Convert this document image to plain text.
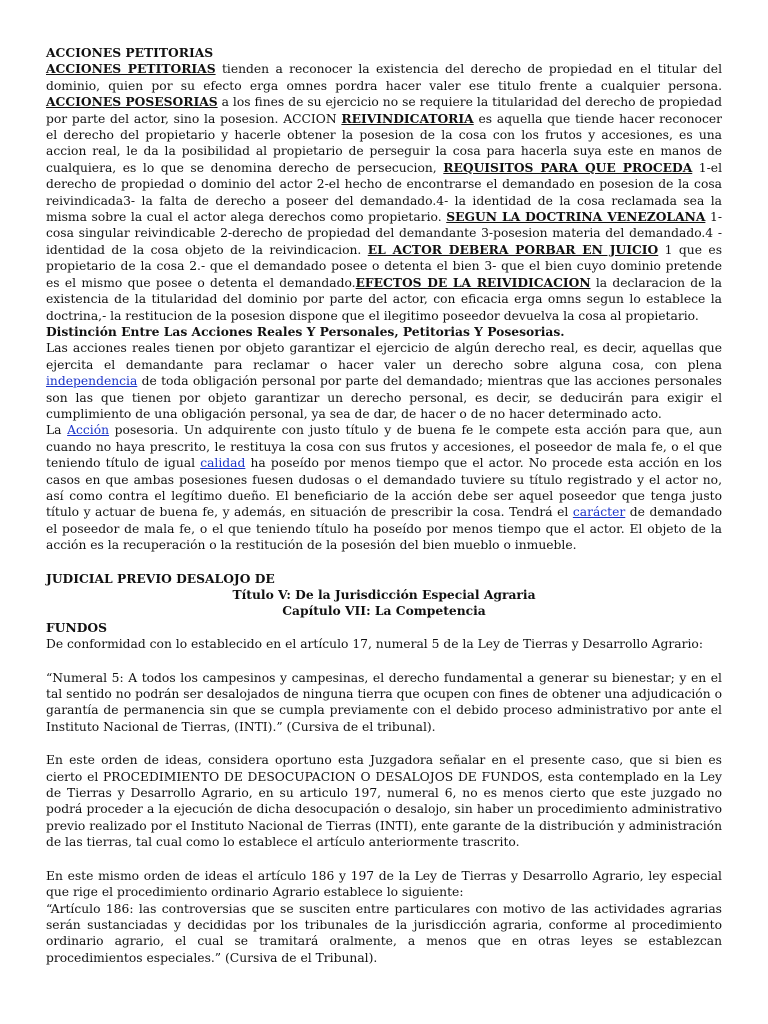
ACCIONES PETITORIAS

ACCIONES PETITORIAS tienden a reconocer la existencia del derecho de propiedad en el titular del dominio, quien por su efecto erga omnes pordra hacer valer ese titulo frente a cualquier persona. ACCIONES POSESORIAS a los fines de su ejercicio no se requiere la titularidad del derecho de propiedad por parte del actor, sino la posesion. ACCION REIVINDICATORIA es aquella que tiende hacer reconocer el derecho del propietario y hacerle obtener la posesion de la cosa con los frutos y accesiones, es una accion real, le da la posibilidad al propietario de perseguir la cosa para hacerla suya este en manos de cualquiera, es lo que se denomina derecho de persecucion, REQUISITOS PARA QUE PROCEDA 1-el derecho de propiedad o dominio del actor 2-el hecho de encontrarse el demandado en posesion de la cosa reivindicada3- la falta de derecho a poseer del demandado.4- la identidad de la cosa reclamada sea la misma sobre la cual el actor alega derechos como propietario. SEGUN LA DOCTRINA VENEZOLANA 1-cosa singular reivindicable 2-derecho de propiedad del demandante 3-posesion materia del demandado.4 - identidad de la cosa objeto de la reivindicacion. EL ACTOR DEBERA PORBAR EN JUICIO 1 que es propietario de la cosa 2.- que el demandado posee o detenta el bien 3- que el bien cuyo dominio pretende es el mismo que posee o detenta el demandado.EFECTOS DE LA REIVIDICACION la declaracion de la existencia de la titularidad del dominio por parte del actor, con eficacia erga omns segun lo establece la doctrina,- la restitucion de la posesion dispone que el ilegitimo poseedor devuelva la cosa al propietario.

Distinción Entre Las Acciones Reales Y Personales, Petitorias Y Posesorias.

Las acciones reales tienen por objeto garantizar el ejercicio de algún derecho real, es decir, aquellas que ejercita el demandante para reclamar o hacer valer un derecho sobre alguna cosa, con plena independencia de toda obligación personal por parte del demandado; mientras que las acciones personales son las que tienen por objeto garantizar un derecho personal, es decir, se deducirán para exigir el cumplimiento de una obligación personal, ya sea de dar, de hacer o de no hacer determinado acto.

La Acción posesoria. Un adquirente con justo título y de buena fe le compete esta acción para que, aun cuando no haya prescrito, le restituya la cosa con sus frutos y accesiones, el poseedor de mala fe, o el que teniendo título de igual calidad ha poseído por menos tiempo que el actor. No procede esta acción en los casos en que ambas posesiones fuesen dudosas o el demandado tuviere su título registrado y el actor no, así como contra el legítimo dueño. El beneficiario de la acción debe ser aquel poseedor que tenga justo título y actuar de buena fe, y además, en situación de prescribir la cosa. Tendrá el carácter de demandado el poseedor de mala fe, o el que teniendo título ha poseído por menos tiempo que el actor. El objeto de la acción es la recuperación o la restitución de la posesión del bien mueblo o inmueble.

JUDICIAL PREVIO DESALOJO DE

Título V: De la Jurisdicción Especial Agraria

Capítulo VII: La Competencia

FUNDOS

De conformidad con lo establecido en el artículo 17, numeral 5 de la Ley de Tierras y Desarrollo Agrario:

“Numeral 5: A todos los campesinos y campesinas, el derecho fundamental a generar su bienestar; y en el tal sentido no podrán ser desalojados de ninguna tierra que ocupen con fines de obtener una adjudicación o garantía de permanencia sin que se cumpla previamente con el debido proceso administrativo por ante el Instituto Nacional de Tierras, (INTI).” (Cursiva de el tribunal).

En este orden de ideas, considera oportuno esta Juzgadora señalar en el presente caso, que si bien es cierto el PROCEDIMIENTO DE DESOCUPACION O DESALOJOS DE FUNDOS, esta contemplado en la Ley de Tierras y Desarrollo Agrario, en su articulo 197, numeral 6, no es menos cierto que este juzgado no podrá proceder a la ejecución de dicha desocupación o desalojo, sin haber un procedimiento administrativo previo realizado por el Instituto Nacional de Tierras (INTI), ente garante de la distribución y administración de las tierras, tal cual como lo establece el artículo anteriormente trascrito.

En este mismo orden de ideas el artículo 186 y 197 de la Ley de Tierras y Desarrollo Agrario, ley especial que rige el procedimiento ordinario Agrario establece lo siguiente:

“Artículo 186: las controversias que se susciten entre particulares con motivo de las actividades agrarias serán sustanciadas y decididas por los tribunales de la jurisdicción agraria, conforme al procedimiento ordinario agrario, el cual se tramitará oralmente, a menos que en otras leyes se establezcan procedimientos especiales.” (Cursiva de el Tribunal).
